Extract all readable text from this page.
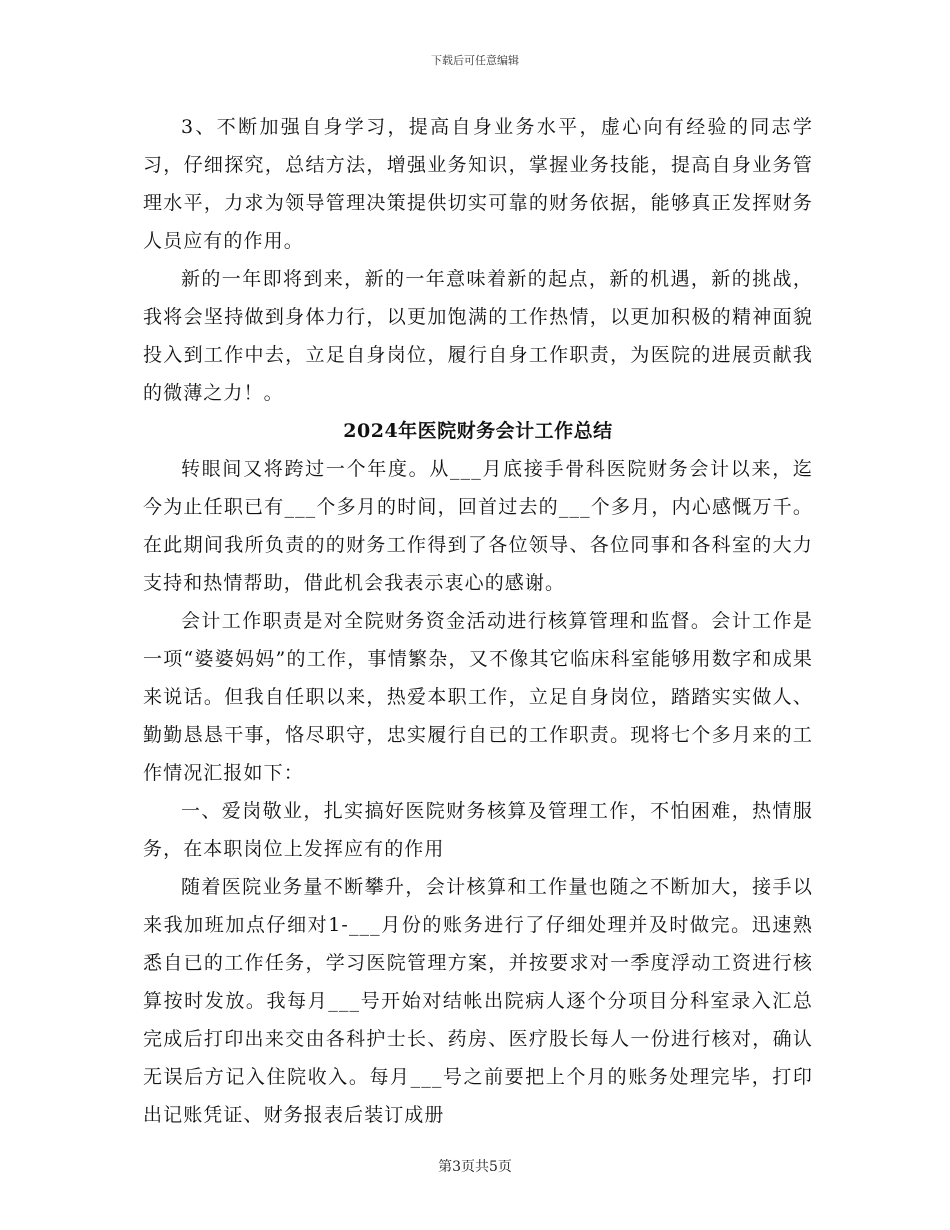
下载后可任意编辑

3、不断加强自身学习，提高自身业务水平，虚心向有经验的同志学习，仔细探究，总结方法，增强业务知识，掌握业务技能，提高自身业务管理水平，力求为领导管理决策提供切实可靠的财务依据，能够真正发挥财务人员应有的作用。

新的一年即将到来，新的一年意味着新的起点，新的机遇，新的挑战，我将会坚持做到身体力行，以更加饱满的工作热情，以更加积极的精神面貌投入到工作中去，立足自身岗位，履行自身工作职责，为医院的进展贡献我的微薄之力！。

2024年医院财务会计工作总结

转眼间又将跨过一个年度。从___月底接手骨科医院财务会计以来，迄今为止任职已有___个多月的时间，回首过去的___个多月，内心感慨万千。在此期间我所负责的的财务工作得到了各位领导、各位同事和各科室的大力支持和热情帮助，借此机会我表示衷心的感谢。

会计工作职责是对全院财务资金活动进行核算管理和监督。会计工作是一项“婆婆妈妈”的工作，事情繁杂，又不像其它临床科室能够用数字和成果来说话。但我自任职以来，热爱本职工作，立足自身岗位，踏踏实实做人、勤勤恳恳干事，恪尽职守，忠实履行自已的工作职责。现将七个多月来的工作情况汇报如下：

一、爱岗敬业，扎实搞好医院财务核算及管理工作，不怕困难，热情服务，在本职岗位上发挥应有的作用

随着医院业务量不断攀升，会计核算和工作量也随之不断加大，接手以来我加班加点仔细对1-___月份的账务进行了仔细处理并及时做完。迅速熟悉自已的工作任务，学习医院管理方案，并按要求对一季度浮动工资进行核算按时发放。我每月___号开始对结帐出院病人逐个分项目分科室录入汇总完成后打印出来交由各科护士长、药房、医疗股长每人一份进行核对，确认无误后方记入住院收入。每月___号之前要把上个月的账务处理完毕，打印出记账凭证、财务报表后装订成册

第3页共5页
